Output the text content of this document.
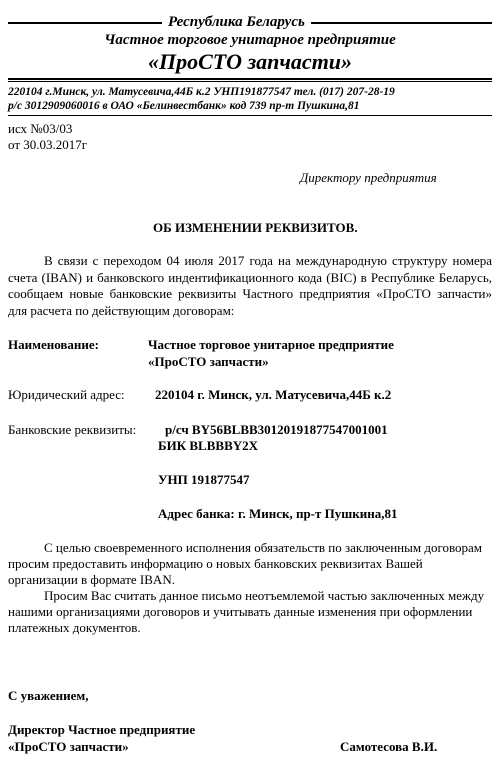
Республика Беларусь
Частное торговое унитарное предприятие
«ПроСТО запчасти»
220104 г.Минск, ул. Матусевича,44Б к.2 УНП191877547 тел. (017) 207-28-19
р/с 3012909060016 в ОАО «Белинвестбанк» код 739 пр-т Пушкина,81
исх №03/03
от 30.03.2017г
Директору предприятия
ОБ ИЗМЕНЕНИИ РЕКВИЗИТОВ.
В связи с переходом 04 июля 2017 года на международную структуру номера счета (IBAN) и банковского индентификационного кода (BIC) в Республике Беларусь, сообщаем новые банковские реквизиты Частного предприятия «ПроСТО запчасти» для расчета по действующим договорам:
Наименование:	Частное торговое унитарное предприятие
«ПроСТО запчасти»
Юридический адрес: 220104 г. Минск, ул. Матусевича,44Б к.2
Банковские реквизиты: р/сч BY56BLBB30120191877547001001
БИК BLBBBY2X
УНП 191877547
Адрес банка: г. Минск, пр-т Пушкина,81
С целью своевременного исполнения обязательств по заключенным договорам просим предоставить информацию о новых банковских реквизитах Вашей организации в формате IBAN.
Просим Вас считать данное письмо неотъемлемой частью заключенных между нашими организациями договоров и учитывать данные изменения при оформлении платежных документов.
С уважением,
Директор Частное предприятие
«ПроСТО запчасти»	Самотесова В.И.
